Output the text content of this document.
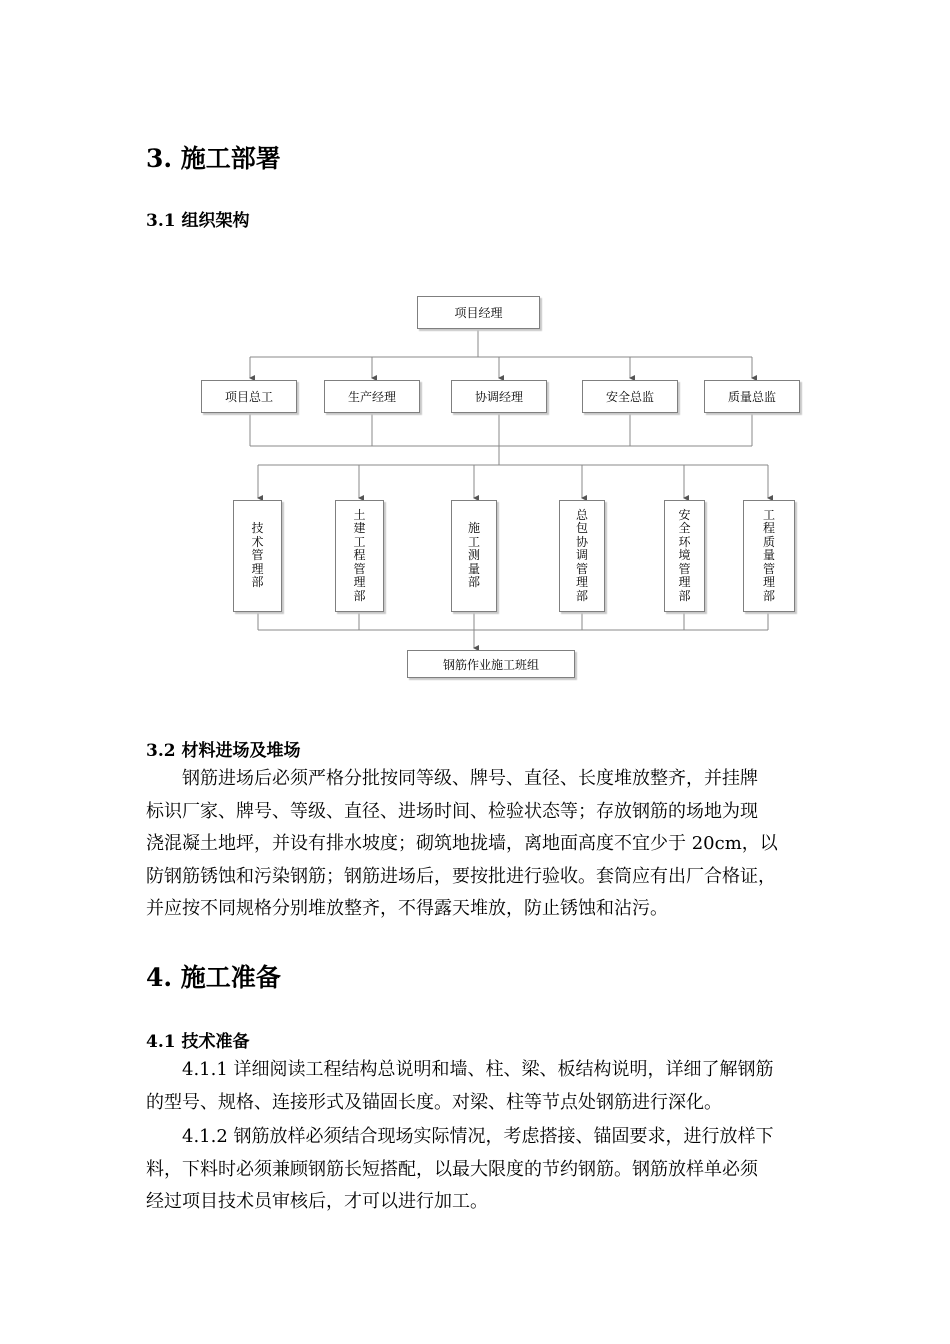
3. 施工部署
3.1 组织架构
项目经理
项目总工	生产经理	协调经理	安全总监	质量总监
技
术
管
理
部
土
建
工
程
管
理
部
施
工
测
量
部
总
包
协
调
管
理
部
安
全
环
境
管
理
部
工
程
质
量
管
理
部
钢筋作业施工班组
3.2 材料进场及堆场
钢筋进场后必须严格分批按同等级、牌号、直径、长度堆放整齐，并挂牌
标识厂家、牌号、等级、直径、进场时间、检验状态等；存放钢筋的场地为现
浇混凝土地坪，并设有排水坡度；砌筑地拢墙，离地面高度不宜少于 20cm，以
防钢筋锈蚀和污染钢筋；钢筋进场后，要按批进行验收。套筒应有出厂合格证，
并应按不同规格分别堆放整齐，不得露天堆放，防止锈蚀和沾污。
4. 施工准备
4.1 技术准备
4.1.1 详细阅读工程结构总说明和墙、柱、梁、板结构说明，详细了解钢筋
的型号、规格、连接形式及锚固长度。对梁、柱等节点处钢筋进行深化。
4.1.2 钢筋放样必须结合现场实际情况，考虑搭接、锚固要求，进行放样下
料，下料时必须兼顾钢筋长短搭配，以最大限度的节约钢筋。钢筋放样单必须
经过项目技术员审核后，才可以进行加工。
